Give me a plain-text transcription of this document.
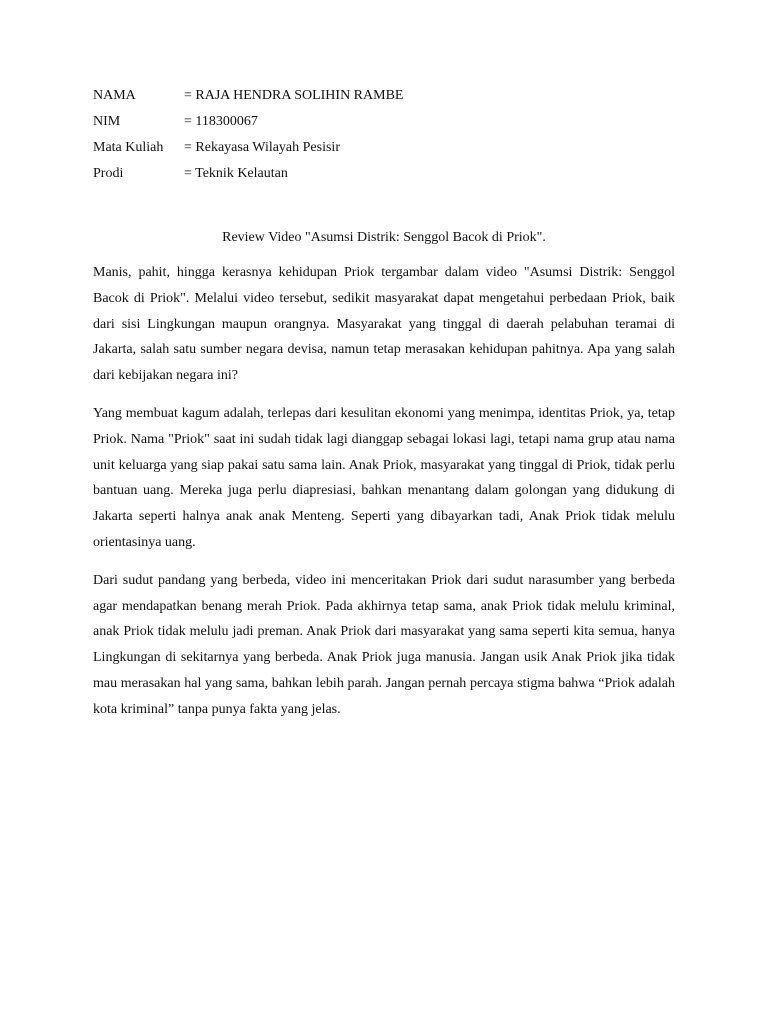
NAMA	= RAJA HENDRA SOLIHIN RAMBE
NIM	= 118300067
Mata Kuliah	= Rekayasa Wilayah Pesisir
Prodi	= Teknik Kelautan
Review Video "Asumsi Distrik: Senggol Bacok di Priok".

Manis, pahit, hingga kerasnya kehidupan Priok tergambar dalam video "Asumsi Distrik: Senggol Bacok di Priok". Melalui video tersebut, sedikit masyarakat dapat mengetahui perbedaan Priok, baik dari sisi Lingkungan maupun orangnya. Masyarakat yang tinggal di daerah pelabuhan teramai di Jakarta, salah satu sumber negara devisa, namun tetap merasakan kehidupan pahitnya. Apa yang salah dari kebijakan negara ini?

Yang membuat kagum adalah, terlepas dari kesulitan ekonomi yang menimpa, identitas Priok, ya, tetap Priok. Nama "Priok" saat ini sudah tidak lagi dianggap sebagai lokasi lagi, tetapi nama grup atau nama unit keluarga yang siap pakai satu sama lain. Anak Priok, masyarakat yang tinggal di Priok, tidak perlu bantuan uang. Mereka juga perlu diapresiasi, bahkan menantang dalam golongan yang didukung di Jakarta seperti halnya anak anak Menteng. Seperti yang dibayarkan tadi, Anak Priok tidak melulu orientasinya uang.

Dari sudut pandang yang berbeda, video ini menceritakan Priok dari sudut narasumber yang berbeda agar mendapatkan benang merah Priok. Pada akhirnya tetap sama, anak Priok tidak melulu kriminal, anak Priok tidak melulu jadi preman. Anak Priok dari masyarakat yang sama seperti kita semua, hanya Lingkungan di sekitarnya yang berbeda. Anak Priok juga manusia. Jangan usik Anak Priok jika tidak mau merasakan hal yang sama, bahkan lebih parah. Jangan pernah percaya stigma bahwa “Priok adalah kota kriminal” tanpa punya fakta yang jelas.
